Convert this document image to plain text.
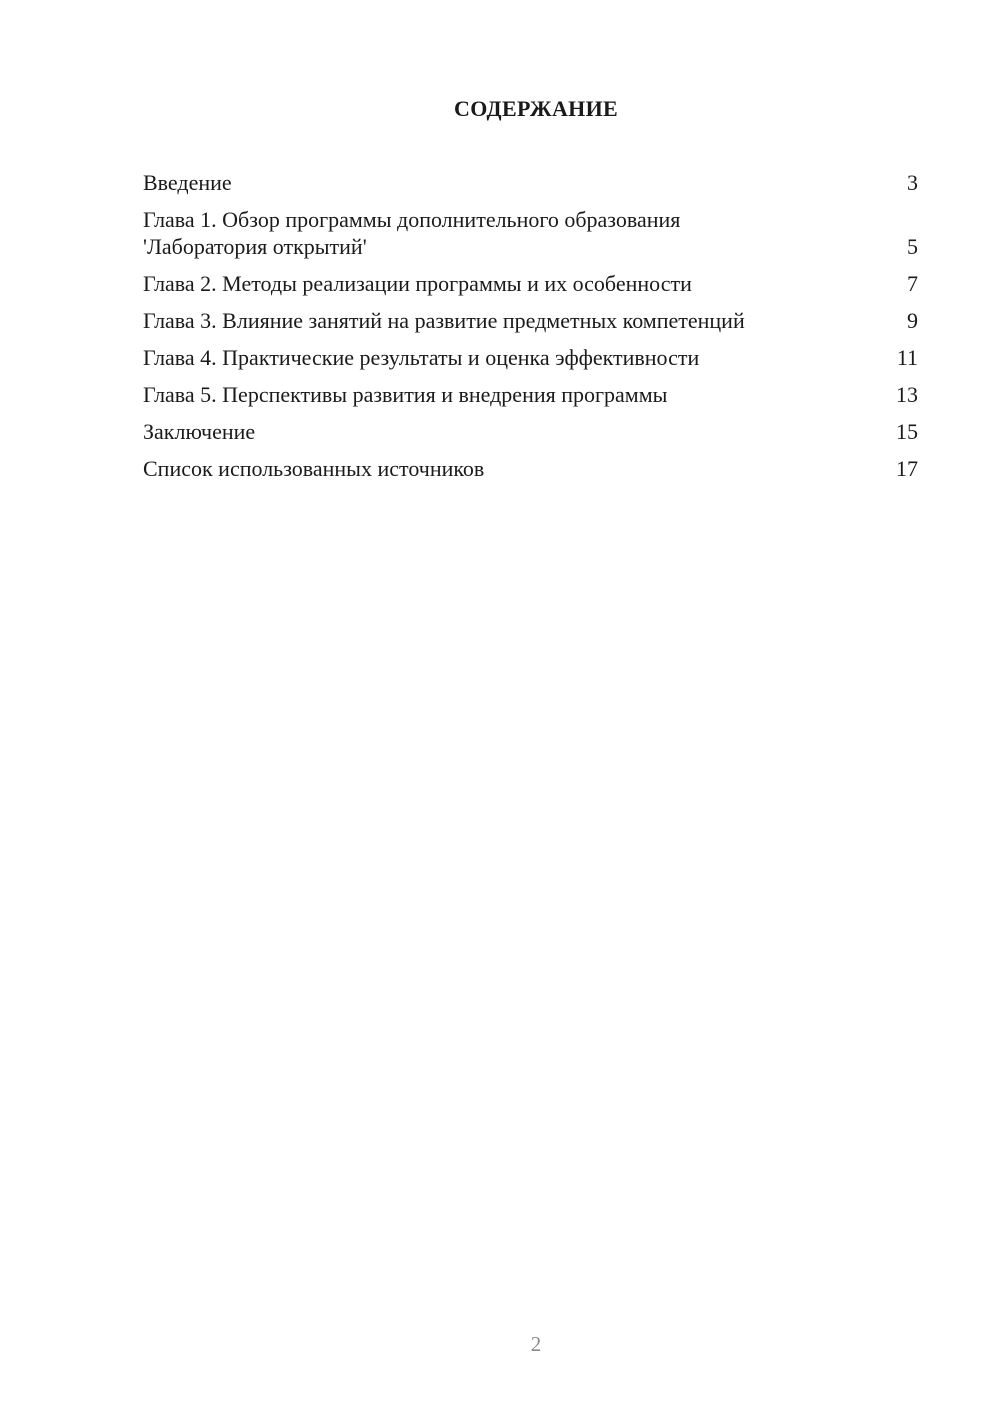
СОДЕРЖАНИЕ
Введение	3
Глава 1. Обзор программы дополнительного образования 'Лаборатория открытий'	5
Глава 2. Методы реализации программы и их особенности	7
Глава 3. Влияние занятий на развитие предметных компетенций	9
Глава 4. Практические результаты и оценка эффективности	11
Глава 5. Перспективы развития и внедрения программы	13
Заключение	15
Список использованных источников	17
2
